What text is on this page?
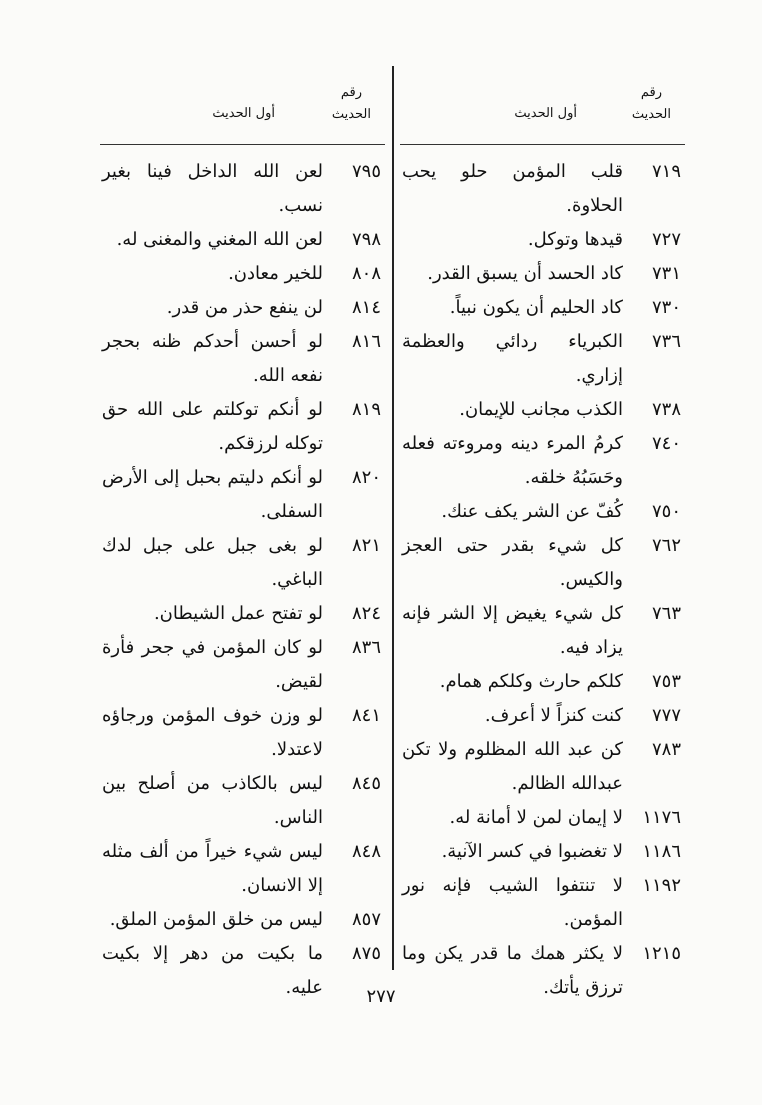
رقم
الحديث
أول الحديث
رقم
الحديث
أول الحديث
٧١٩
قلب المؤمن حلو يحب الحلاوة.
٧٢٧
قيدها وتوكل.
٧٣١
كاد الحسد أن يسبق القدر.
٧٣٠
كاد الحليم أن يكون نبياً.
٧٣٦
الكبرياء ردائي والعظمة إزاري.
٧٣٨
الكذب مجانب للإيمان.
٧٤٠
كرمُ المرء دينه ومروءته فعله وحَسَبُهُ خلقه.
٧٥٠
كُفّ عن الشر يكف عنك.
٧٦٢
كل شيء بقدر حتى العجز والكيس.
٧٦٣
كل شيء يغيض إلا الشر فإنه يزاد فيه.
٧٥٣
كلكم حارث وكلكم همام.
٧٧٧
كنت كنزاً لا أعرف.
٧٨٣
كن عبد الله المظلوم ولا تكن عبدالله الظالم.
١١٧٦
لا إيمان لمن لا أمانة له.
١١٨٦
لا تغضبوا في كسر الآنية.
١١٩٢
لا تنتفوا الشيب فإنه نور المؤمن.
١٢١٥
لا يكثر همك ما قدر يكن وما ترزق يأتك.
٧٩٥
لعن الله الداخل فينا بغير نسب.
٧٩٨
لعن الله المغني والمغنى له.
٨٠٨
للخير معادن.
٨١٤
لن ينفع حذر من قدر.
٨١٦
لو أحسن أحدكم ظنه بحجر نفعه الله.
٨١٩
لو أنكم توكلتم على الله حق توكله لرزقكم.
٨٢٠
لو أنكم دليتم بحبل إلى الأرض السفلى.
٨٢١
لو بغى جبل على جبل لدك الباغي.
٨٢٤
لو تفتح عمل الشيطان.
٨٣٦
لو كان المؤمن في جحر فأرة لقيض.
٨٤١
لو وزن خوف المؤمن ورجاؤه لاعتدلا.
٨٤٥
ليس بالكاذب من أصلح بين الناس.
٨٤٨
ليس شيء خيراً من ألف مثله إلا الانسان.
٨٥٧
ليس من خلق المؤمن الملق.
٨٧٥
ما بكيت من دهر إلا بكيت عليه.	٢٧٧
